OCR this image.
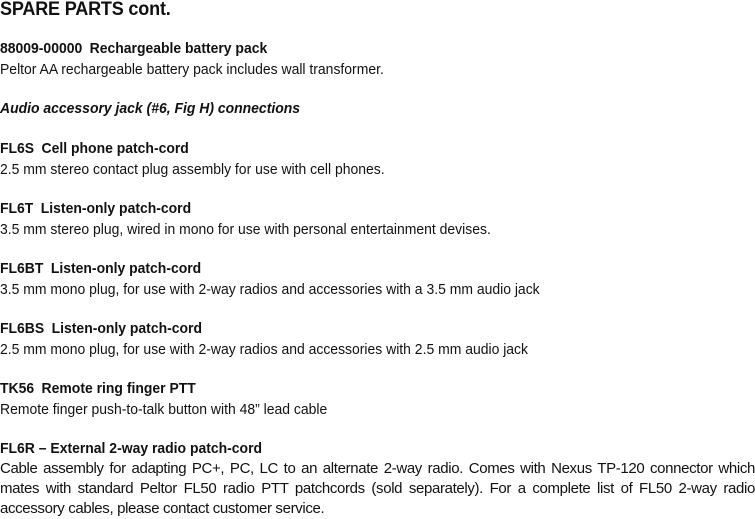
SPARE PARTS cont.
88009-00000 Rechargeable battery pack
Peltor AA rechargeable battery pack includes wall transformer.
Audio accessory jack (#6, Fig H) connections
FL6S Cell phone patch-cord
2.5 mm stereo contact plug assembly for use with cell phones.
FL6T Listen-only patch-cord
3.5 mm stereo plug, wired in mono for use with personal entertainment devises.
FL6BT Listen-only patch-cord
3.5 mm mono plug, for use with 2-way radios and accessories with a 3.5 mm audio jack
FL6BS Listen-only patch-cord
2.5 mm mono plug, for use with 2-way radios and accessories with 2.5 mm audio jack
TK56 Remote ring finger PTT
Remote finger push-to-talk button with 48” lead cable
FL6R – External 2-way radio patch-cord
Cable assembly for adapting PC+, PC, LC to an alternate 2-way radio. Comes with Nexus TP-120 connector which mates with standard Peltor FL50 radio PTT patchcords (sold separately). For a complete list of FL50 2-way radio accessory cables, please contact customer service.
